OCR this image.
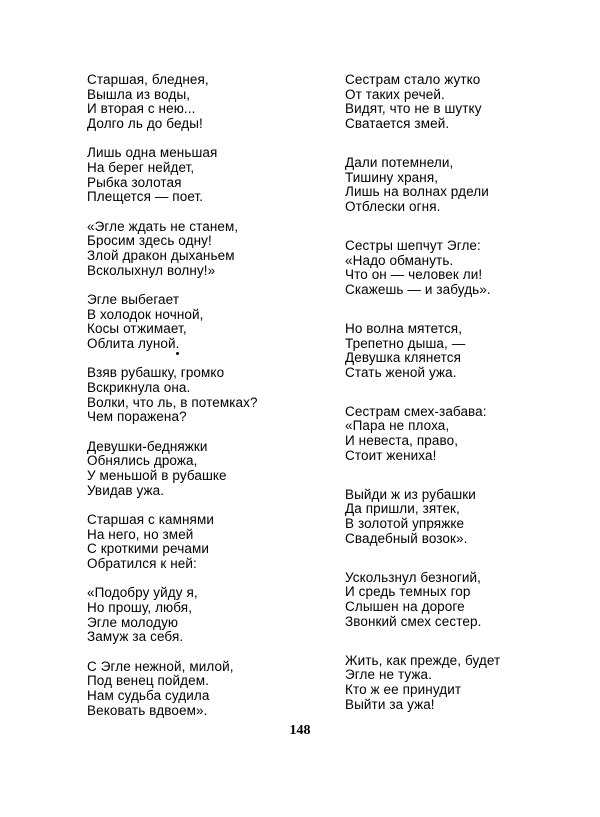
Старшая, бледнея,
Вышла из воды,
И вторая с нею...
Долго ль до беды!
Лишь одна меньшая
На берег нейдет,
Рыбка золотая
Плещется — поет.
«Эгле ждать не станем,
Бросим здесь одну!
Злой дракон дыханьем
Всколыхнул волну!»
Эгле выбегает
В холодок ночной,
Косы отжимает,
Облита луной.
Взяв рубашку, громко
Вскрикнула она.
Волки, что ль, в потемках?
Чем поражена?
Девушки-бедняжки
Обнялись дрожа,
У меньшой в рубашке
Увидав ужа.
Старшая с камнями
На него, но змей
С кроткими речами
Обратился к ней:
«Подобру уйду я,
Но прошу, любя,
Эгле молодую
Замуж за себя.
С Эгле нежной, милой,
Под венец пойдем.
Нам судьба судила
Вековать вдвоем».
Сестрам стало жутко
От таких речей.
Видят, что не в шутку
Сватается змей.
Дали потемнели,
Тишину храня,
Лишь на волнах рдели
Отблески огня.
Сестры шепчут Эгле:
«Надо обмануть.
Что он — человек ли!
Скажешь — и забудь».
Но волна мятется,
Трепетно дыша, —
Девушка клянется
Стать женой ужа.
Сестрам смех-забава:
«Пара не плоха,
И невеста, право,
Стоит жениха!
Выйди ж из рубашки
Да пришли, зятек,
В золотой упряжке
Свадебный возок».
Ускользнул безногий,
И средь темных гор
Слышен на дороге
Звонкий смех сестер.
Жить, как прежде, будет
Эгле не тужа.
Кто ж ее принудит
Выйти за ужа!
148
